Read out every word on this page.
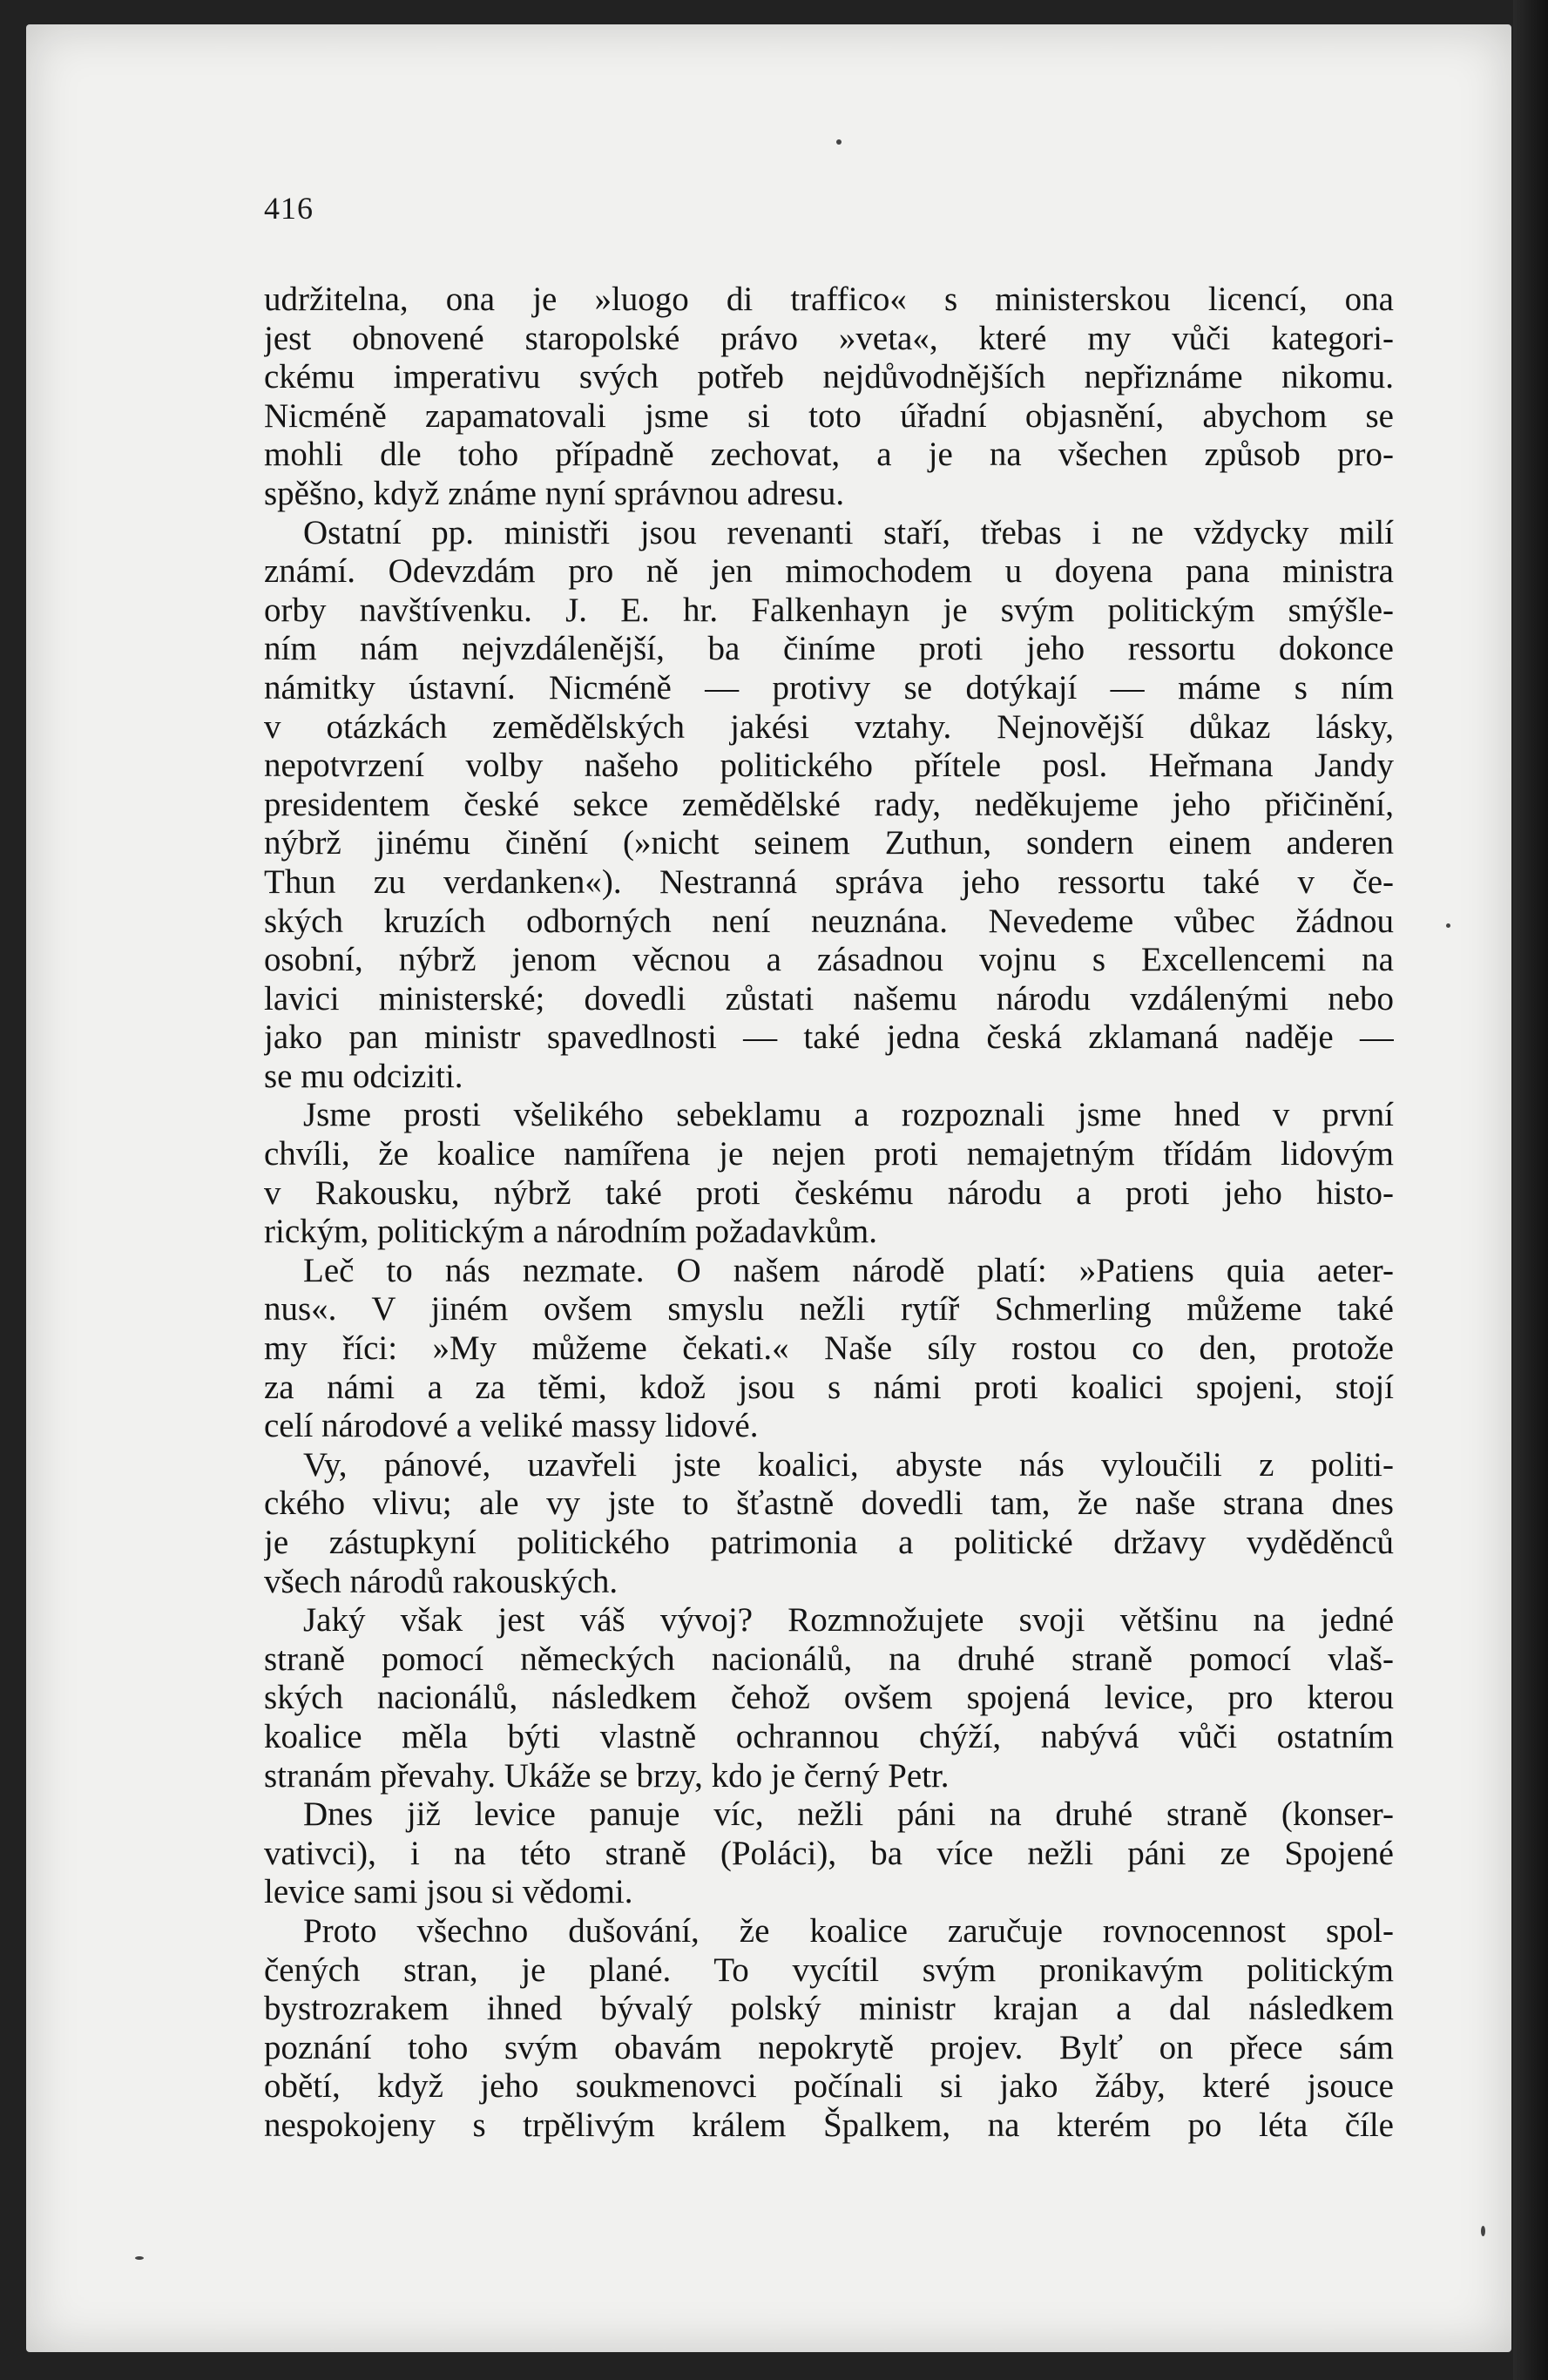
416
udržitelna, ona je »luogo di traffico« s ministerskou licencí, ona
jest obnovené staropolské právo »veta«, které my vůči kategori-
ckému imperativu svých potřeb nejdůvodnějších nepřiznáme nikomu.
Nicméně zapamatovali jsme si toto úřadní objasnění, abychom se
mohli dle toho případně zechovat, a je na všechen způsob pro-
spěšno, když známe nyní správnou adresu.
Ostatní pp. ministři jsou revenanti staří, třebas i ne vždycky milí
známí. Odevzdám pro ně jen mimochodem u doyena pana ministra
orby navštívenku. J. E. hr. Falkenhayn je svým politickým smýšle-
ním nám nejvzdálenější, ba činíme proti jeho ressortu dokonce
námitky ústavní. Nicméně — protivy se dotýkají — máme s ním
v otázkách zemědělských jakési vztahy. Nejnovější důkaz lásky,
nepotvrzení volby našeho politického přítele posl. Heřmana Jandy
presidentem české sekce zemědělské rady, neděkujeme jeho přičinění,
nýbrž jinému činění (»nicht seinem Zuthun, sondern einem anderen
Thun zu verdanken«). Nestranná správa jeho ressortu také v če-
ských kruzích odborných není neuznána. Nevedeme vůbec žádnou
osobní, nýbrž jenom věcnou a zásadnou vojnu s Excellencemi na
lavici ministerské; dovedli zůstati našemu národu vzdálenými nebo
jako pan ministr spavedlnosti — také jedna česká zklamaná naděje —
se mu odciziti.
Jsme prosti všelikého sebeklamu a rozpoznali jsme hned v první
chvíli, že koalice namířena je nejen proti nemajetným třídám lidovým
v Rakousku, nýbrž také proti českému národu a proti jeho histo-
rickým, politickým a národním požadavkům.
Leč to nás nezmate. O našem národě platí: »Patiens quia aeter-
nus«. V jiném ovšem smyslu nežli rytíř Schmerling můžeme také
my říci: »My můžeme čekati.« Naše síly rostou co den, protože
za námi a za těmi, kdož jsou s námi proti koalici spojeni, stojí
celí národové a veliké massy lidové.
Vy, pánové, uzavřeli jste koalici, abyste nás vyloučili z politi-
ckého vlivu; ale vy jste to šťastně dovedli tam, že naše strana dnes
je zástupkyní politického patrimonia a politické državy vyděděnců
všech národů rakouských.
Jaký však jest váš vývoj? Rozmnožujete svoji většinu na jedné
straně pomocí německých nacionálů, na druhé straně pomocí vlaš-
ských nacionálů, následkem čehož ovšem spojená levice, pro kterou
koalice měla býti vlastně ochrannou chýží, nabývá vůči ostatním
stranám převahy. Ukáže se brzy, kdo je černý Petr.
Dnes již levice panuje víc, nežli páni na druhé straně (konser-
vativci), i na této straně (Poláci), ba více nežli páni ze Spojené
levice sami jsou si vědomi.
Proto všechno dušování, že koalice zaručuje rovnocennost spol-
čených stran, je plané. To vycítil svým pronikavým politickým
bystrozrakem ihned bývalý polský ministr krajan a dal následkem
poznání toho svým obavám nepokrytě projev. Bylť on přece sám
obětí, když jeho soukmenovci počínali si jako žáby, které jsouce
nespokojeny s trpělivým králem Špalkem, na kterém po léta číle
